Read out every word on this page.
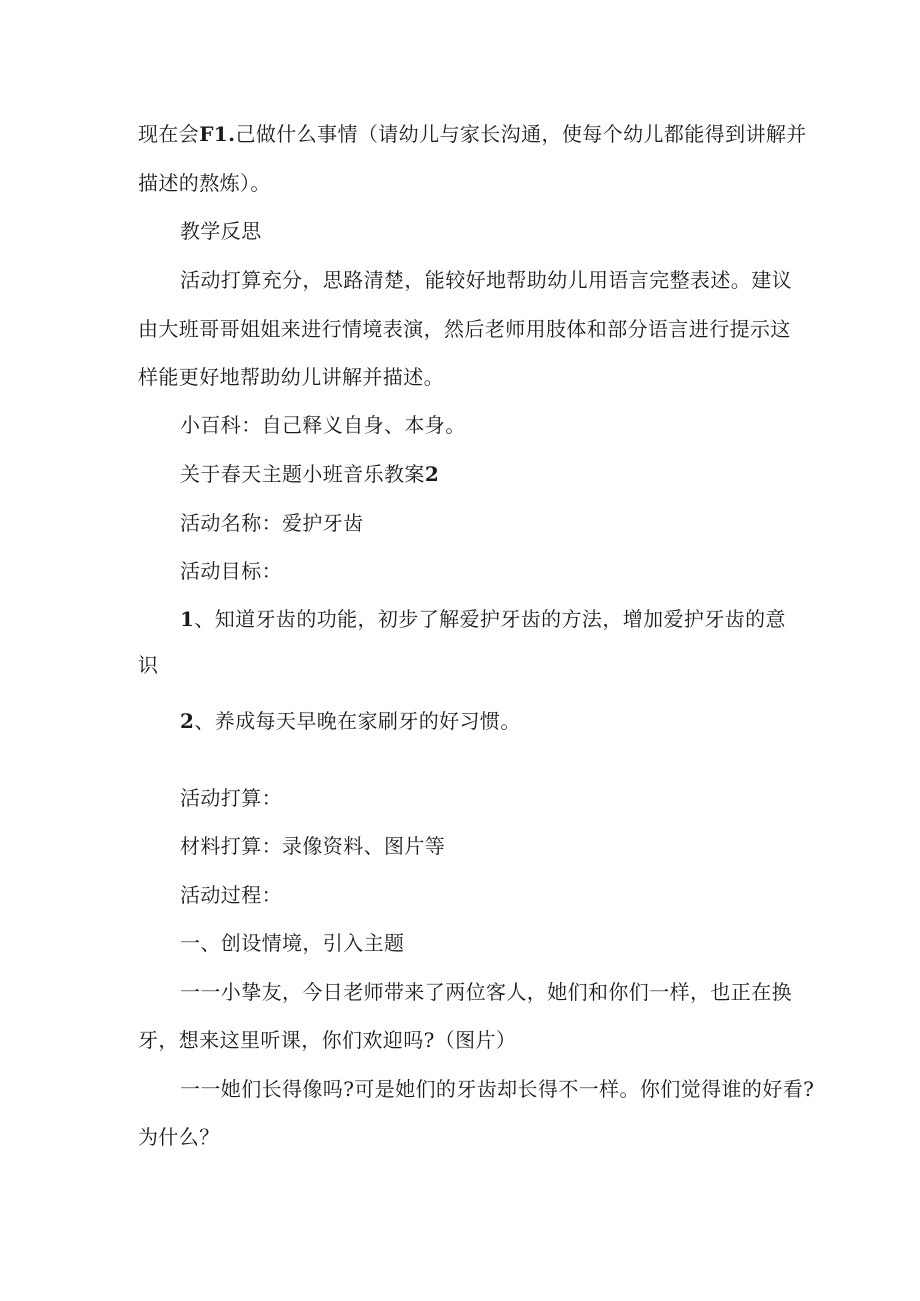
现在会F1.己做什么事情（请幼儿与家长沟通，使每个幼儿都能得到讲解并
描述的熬炼）。
教学反思
活动打算充分，思路清楚，能较好地帮助幼儿用语言完整表述。建议
由大班哥哥姐姐来进行情境表演，然后老师用肢体和部分语言进行提示这
样能更好地帮助幼儿讲解并描述。
小百科：自己释义自身、本身。
关于春天主题小班音乐教案2
活动名称：爱护牙齿
活动目标：
1、知道牙齿的功能，初步了解爱护牙齿的方法，增加爱护牙齿的意
识
2、养成每天早晚在家刷牙的好习惯。
活动打算：
材料打算：录像资料、图片等
活动过程：
一、创设情境，引入主题
一一小挚友，今日老师带来了两位客人，她们和你们一样，也正在换
牙，想来这里听课，你们欢迎吗?（图片）
一一她们长得像吗?可是她们的牙齿却长得不一样。你们觉得谁的好看?
为什么？
